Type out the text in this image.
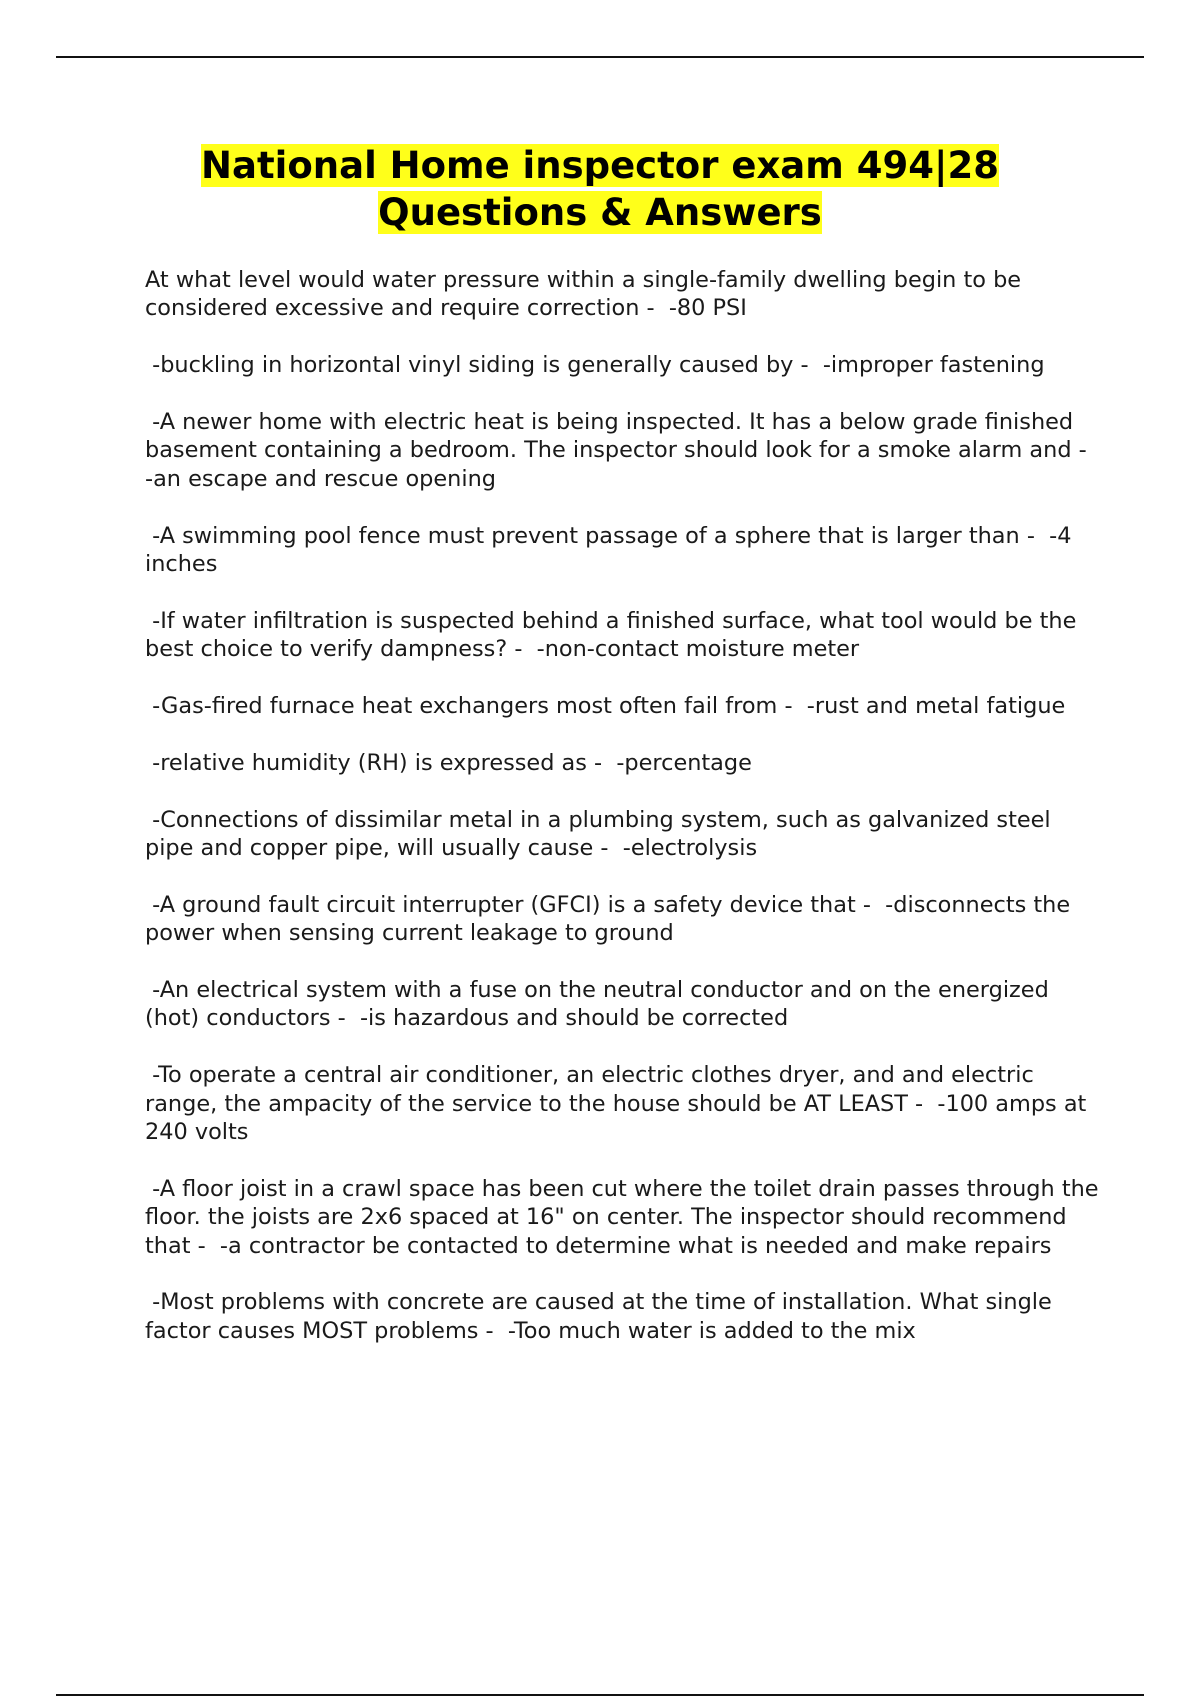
National Home inspector exam 494|28 Questions & Answers
At what level would water pressure within a single-family dwelling begin to be considered excessive and require correction -  -80 PSI
-buckling in horizontal vinyl siding is generally caused by -  -improper fastening
-A newer home with electric heat is being inspected. It has a below grade finished basement containing a bedroom. The inspector should look for a smoke alarm and -  -an escape and rescue opening
-A swimming pool fence must prevent passage of a sphere that is larger than -  -4 inches
-If water infiltration is suspected behind a finished surface, what tool would be the best choice to verify dampness? -  -non-contact moisture meter
-Gas-fired furnace heat exchangers most often fail from -  -rust and metal fatigue
-relative humidity (RH) is expressed as -  -percentage
-Connections of dissimilar metal in a plumbing system, such as galvanized steel pipe and copper pipe, will usually cause -  -electrolysis
-A ground fault circuit interrupter (GFCI) is a safety device that -  -disconnects the power when sensing current leakage to ground
-An electrical system with a fuse on the neutral conductor and on the energized (hot) conductors -  -is hazardous and should be corrected
-To operate a central air conditioner, an electric clothes dryer, and and electric range, the ampacity of the service to the house should be AT LEAST -  -100 amps at 240 volts
-A floor joist in a crawl space has been cut where the toilet drain passes through the floor. the joists are 2x6 spaced at 16" on center. The inspector should recommend that -  -a contractor be contacted to determine what is needed and make repairs
-Most problems with concrete are caused at the time of installation. What single factor causes MOST problems -  -Too much water is added to the mix
